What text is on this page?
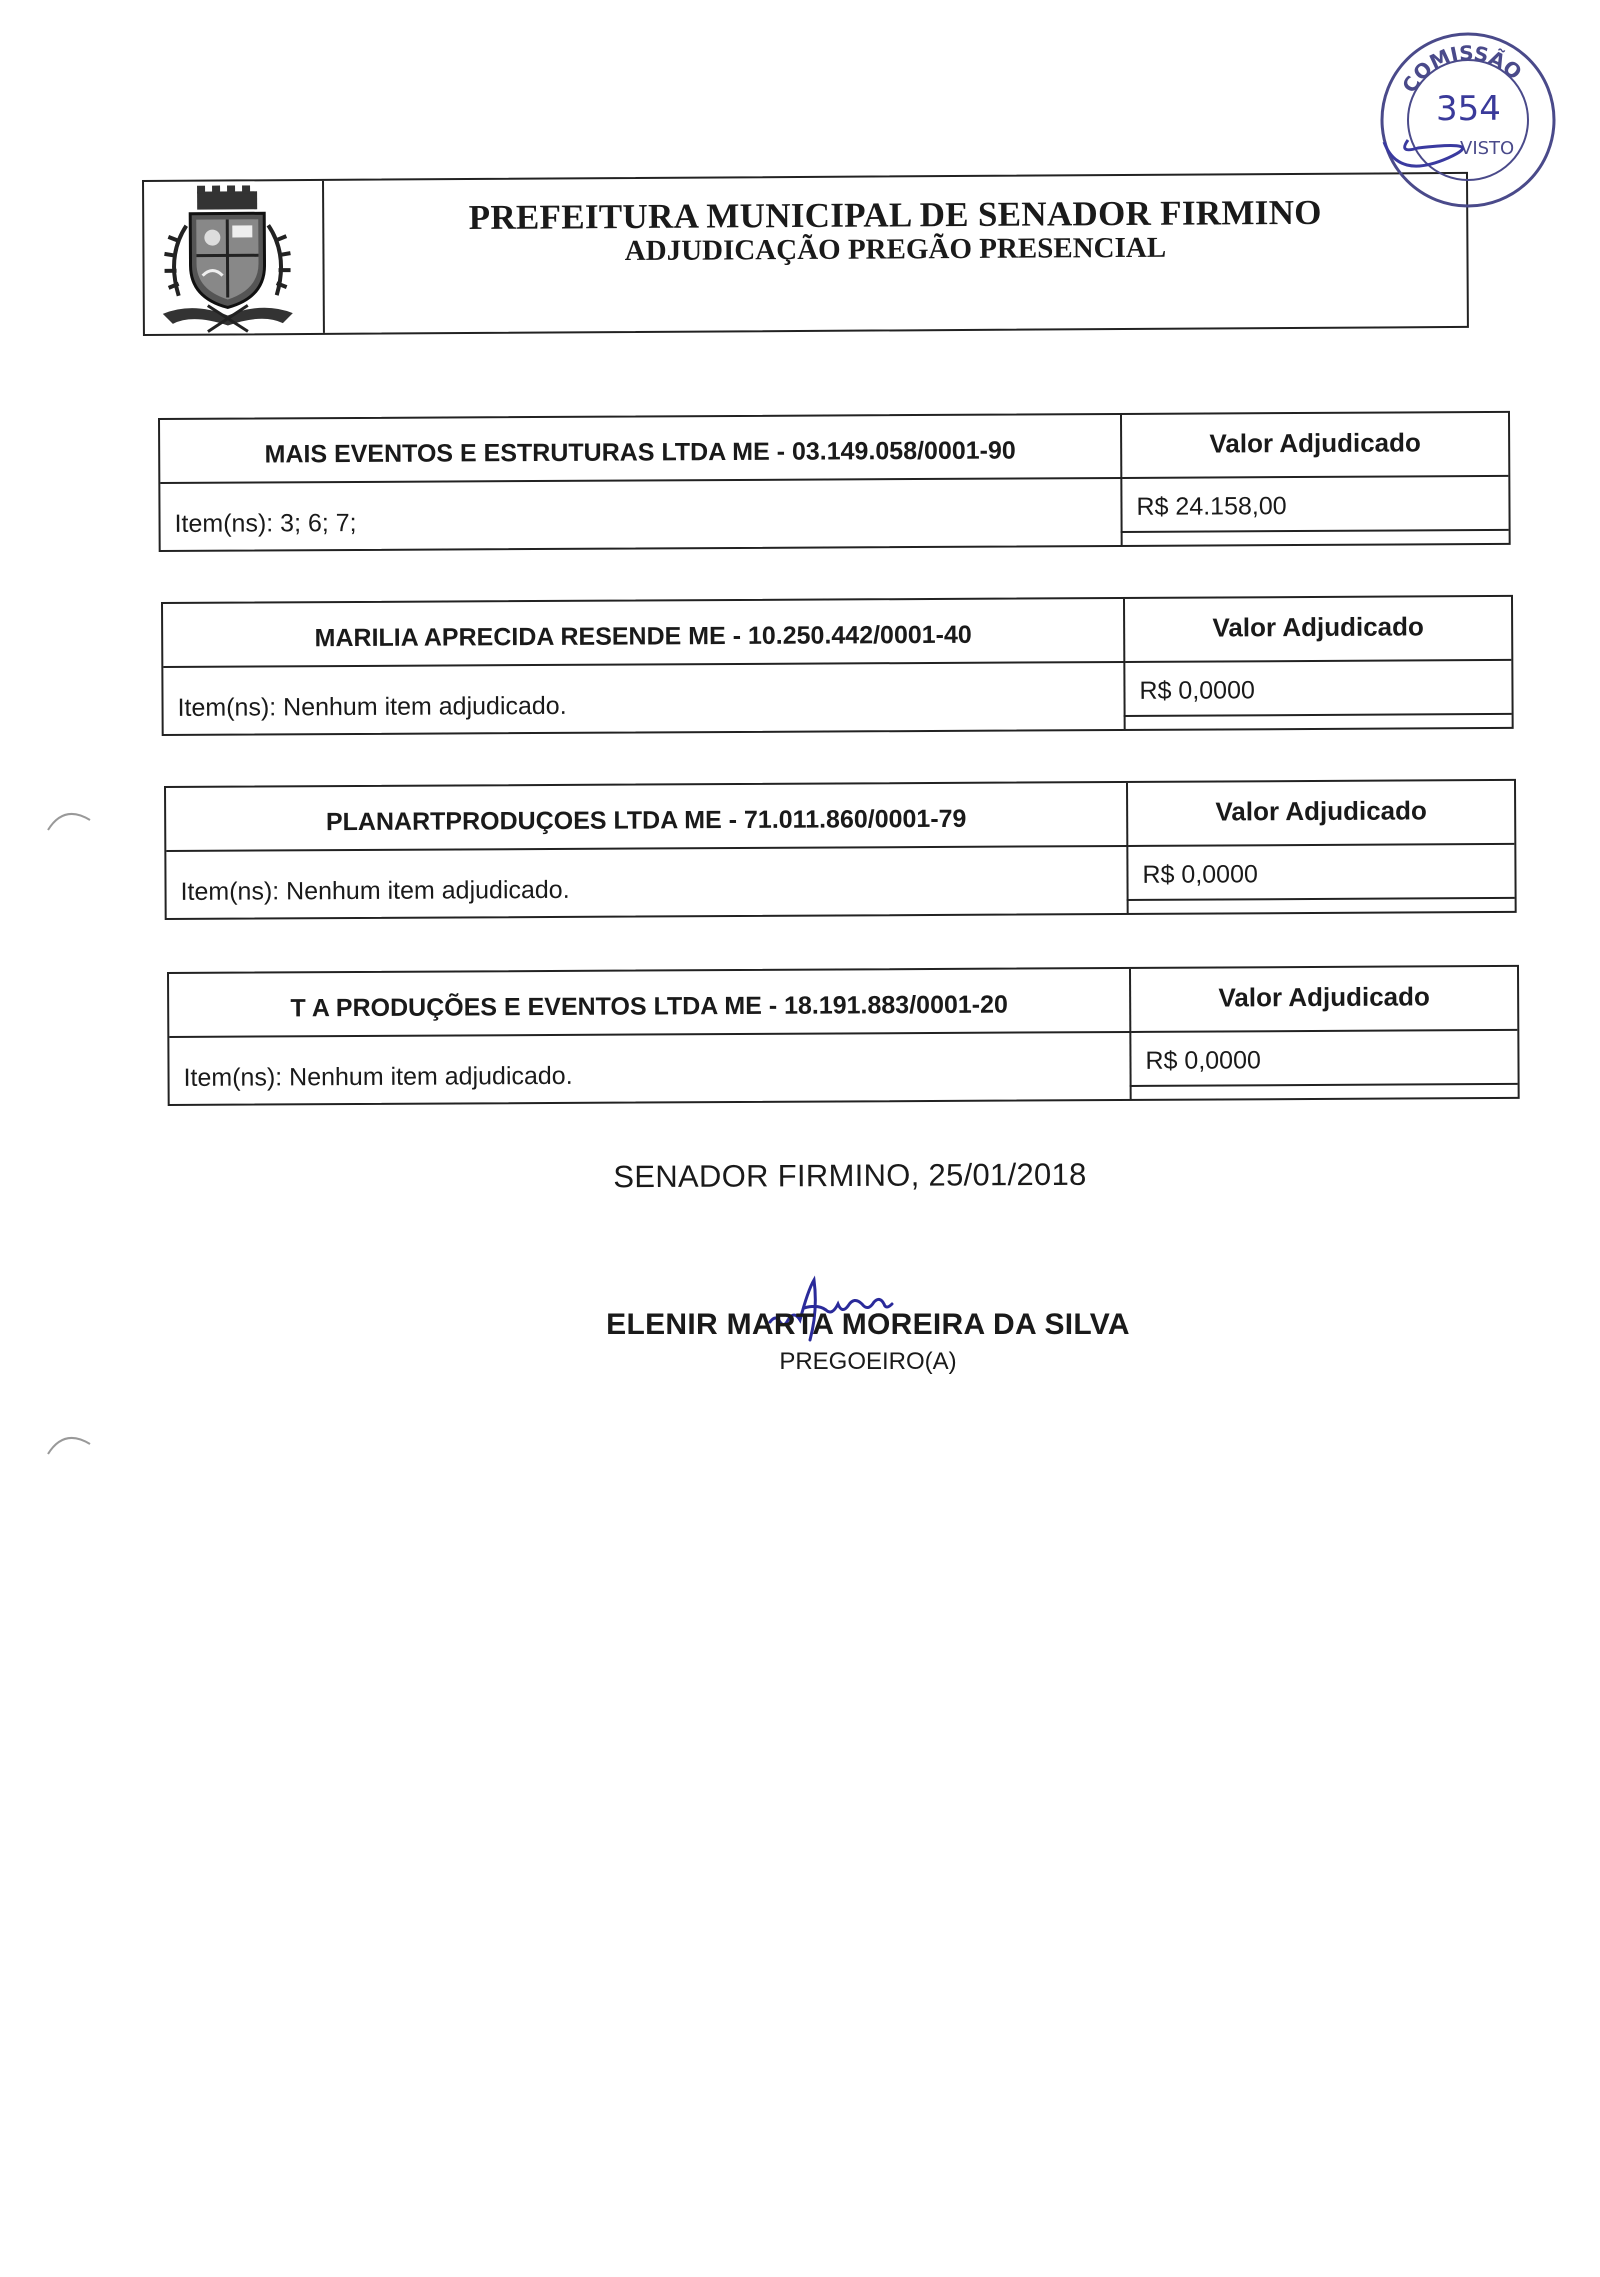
PREFEITURA MUNICIPAL DE SENADOR FIRMINO
ADJUDICAÇÃO PREGÃO PRESENCIAL
COMISSÃO
354
VISTO
MAIS EVENTOS E ESTRUTURAS LTDA ME - 03.149.058/0001-90	Valor Adjudicado
Item(ns): 3; 6; 7;
R$ 24.158,00
MARILIA APRECIDA RESENDE ME - 10.250.442/0001-40	Valor Adjudicado
Item(ns): Nenhum item adjudicado.
R$ 0,0000
PLANARTPRODUÇOES LTDA ME - 71.011.860/0001-79	Valor Adjudicado
Item(ns): Nenhum item adjudicado.
R$ 0,0000
T A PRODUÇÕES E EVENTOS LTDA ME - 18.191.883/0001-20	Valor Adjudicado
Item(ns): Nenhum item adjudicado.
R$ 0,0000
SENADOR FIRMINO, 25/01/2018
ELENIR MARTA MOREIRA DA SILVA
PREGOEIRO(A)
